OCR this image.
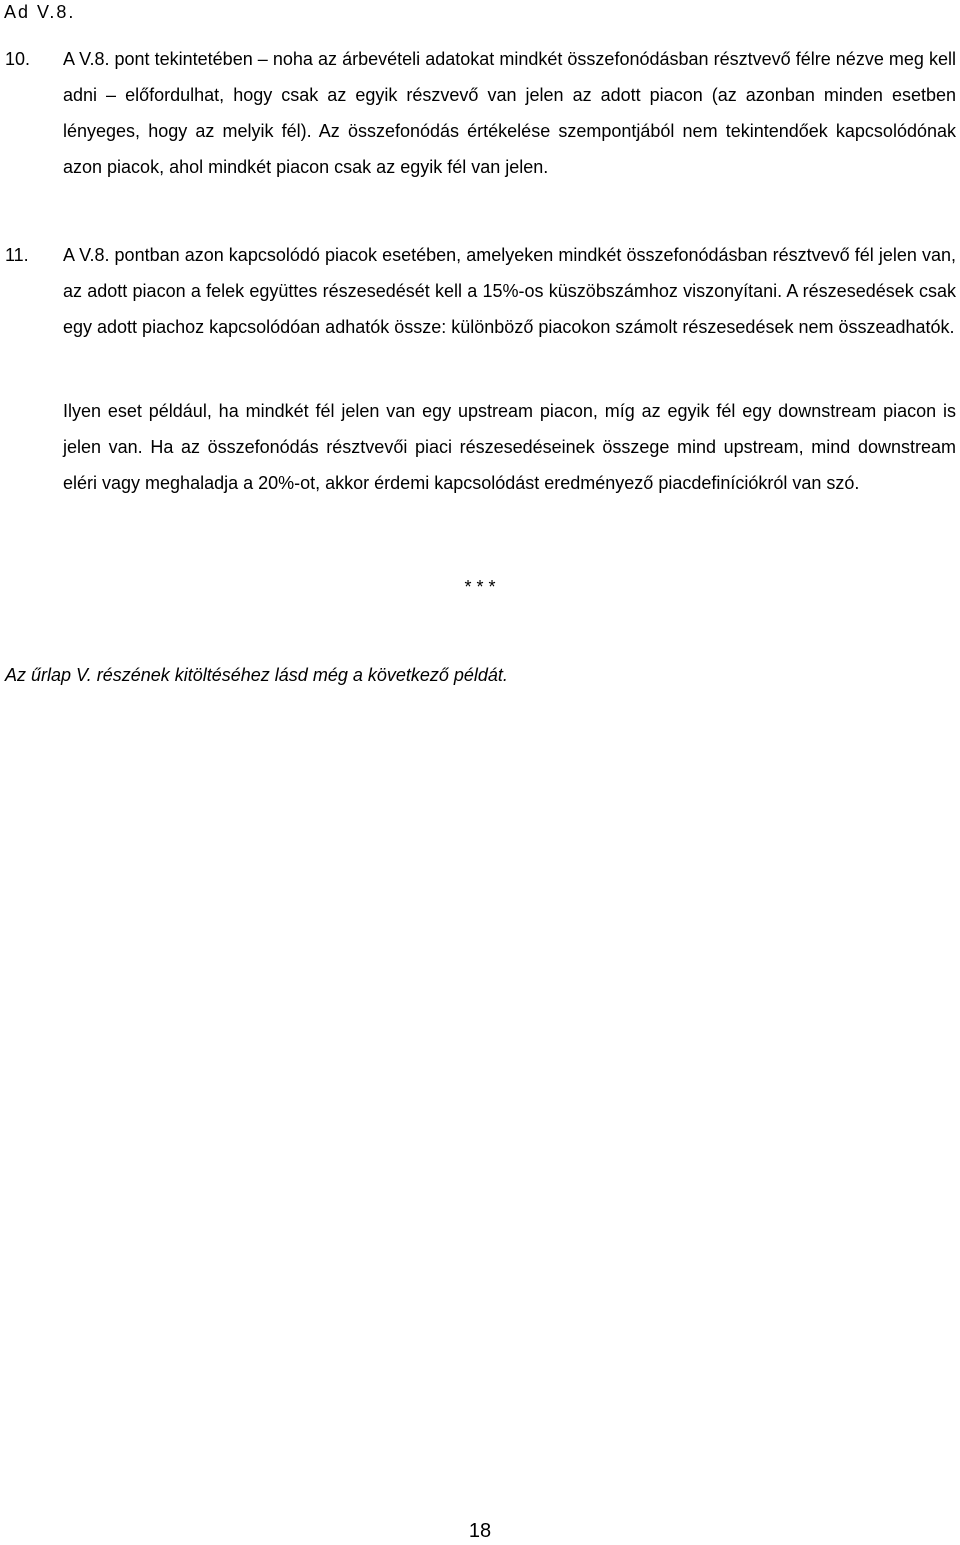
Ad V.8.
10. A V.8. pont tekintetében – noha az árbevételi adatokat mindkét összefonódásban résztvevő félre nézve meg kell adni – előfordulhat, hogy csak az egyik részvevő van jelen az adott piacon (az azonban minden esetben lényeges, hogy az melyik fél). Az összefonódás értékelése szempontjából nem tekintendőek kapcsolódónak azon piacok, ahol mindkét piacon csak az egyik fél van jelen.
11. A V.8. pontban azon kapcsolódó piacok esetében, amelyeken mindkét összefonódásban résztvevő fél jelen van, az adott piacon a felek együttes részesedését kell a 15%-os küszöbszámhoz viszonyítani. A részesedések csak egy adott piachoz kapcsolódóan adhatók össze: különböző piacokon számolt részesedések nem összeadhatók.
Ilyen eset például, ha mindkét fél jelen van egy upstream piacon, míg az egyik fél egy downstream piacon is jelen van. Ha az összefonódás résztvevői piaci részesedéseinek összege mind upstream, mind downstream eléri vagy meghaladja a 20%-ot, akkor érdemi kapcsolódást eredményező piacdefiníciókról van szó.
* * *
Az űrlap V. részének kitöltéséhez lásd még a következő példát.
18
